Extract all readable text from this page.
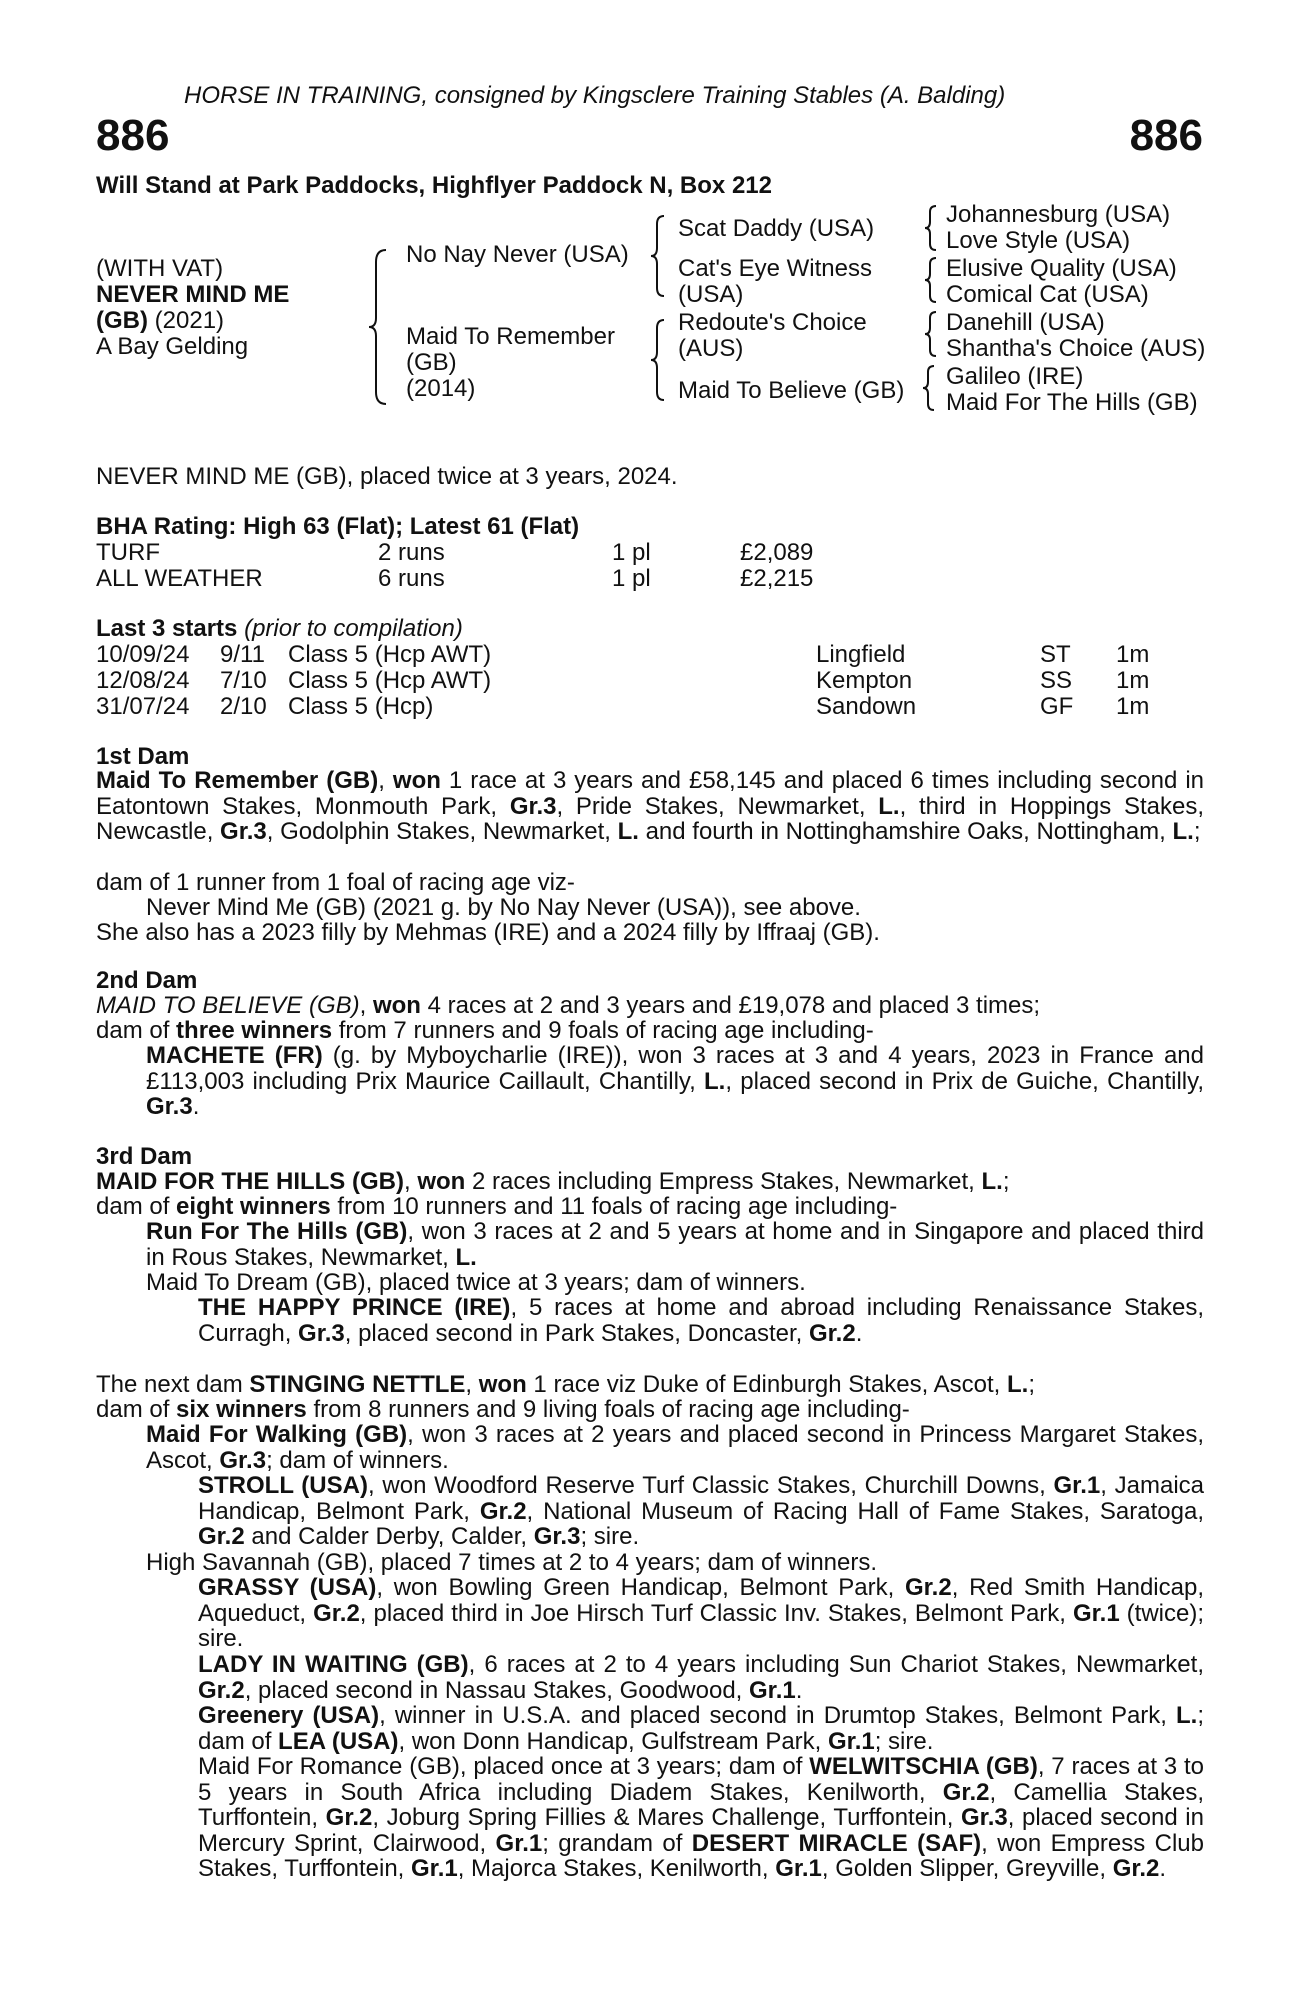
HORSE IN TRAINING, consigned by Kingsclere Training Stables (A. Balding)
886	886
Will Stand at Park Paddocks, Highflyer Paddock N, Box 212
(WITH VAT)
NEVER MIND ME
(GB) (2021)
A Bay Gelding
No Nay Never (USA)
Maid To Remember
(GB)
(2014)
Scat Daddy (USA)
Cat's Eye Witness
(USA)
Redoute's Choice
(AUS)
Maid To Believe (GB)
Johannesburg (USA)
Love Style (USA)
Elusive Quality (USA)
Comical Cat (USA)
Danehill (USA)
Shantha's Choice (AUS)
Galileo (IRE)
Maid For The Hills (GB)
NEVER MIND ME (GB), placed twice at 3 years, 2024.
BHA Rating: High 63 (Flat); Latest 61 (Flat)
TURF	2 runs	1 pl	£2,089
ALL WEATHER	6 runs	1 pl	£2,215
Last 3 starts (prior to compilation)
10/09/24 9/11 Class 5 (Hcp AWT)	Lingfield	ST 1m
12/08/24 7/10 Class 5 (Hcp AWT)	Kempton	SS 1m
31/07/24 2/10 Class 5 (Hcp)	Sandown	GF 1m
1st Dam
Maid To Remember (GB), won 1 race at 3 years and £58,145 and placed 6 times including second in Eatontown Stakes, Monmouth Park, Gr.3, Pride Stakes, Newmarket, L., third in Hoppings Stakes, Newcastle, Gr.3, Godolphin Stakes, Newmarket, L. and fourth in Nottinghamshire Oaks, Nottingham, L.;
dam of 1 runner from 1 foal of racing age viz-
Never Mind Me (GB) (2021 g. by No Nay Never (USA)), see above.
She also has a 2023 filly by Mehmas (IRE) and a 2024 filly by Iffraaj (GB).
2nd Dam
MAID TO BELIEVE (GB), won 4 races at 2 and 3 years and £19,078 and placed 3 times;
dam of three winners from 7 runners and 9 foals of racing age including-
MACHETE (FR) (g. by Myboycharlie (IRE)), won 3 races at 3 and 4 years, 2023 in France and £113,003 including Prix Maurice Caillault, Chantilly, L., placed second in Prix de Guiche, Chantilly, Gr.3.
3rd Dam
MAID FOR THE HILLS (GB), won 2 races including Empress Stakes, Newmarket, L.;
dam of eight winners from 10 runners and 11 foals of racing age including-
Run For The Hills (GB), won 3 races at 2 and 5 years at home and in Singapore and placed third in Rous Stakes, Newmarket, L.
Maid To Dream (GB), placed twice at 3 years; dam of winners.
THE HAPPY PRINCE (IRE), 5 races at home and abroad including Renaissance Stakes, Curragh, Gr.3, placed second in Park Stakes, Doncaster, Gr.2.
The next dam STINGING NETTLE, won 1 race viz Duke of Edinburgh Stakes, Ascot, L.;
dam of six winners from 8 runners and 9 living foals of racing age including-
Maid For Walking (GB), won 3 races at 2 years and placed second in Princess Margaret Stakes, Ascot, Gr.3; dam of winners.
STROLL (USA), won Woodford Reserve Turf Classic Stakes, Churchill Downs, Gr.1, Jamaica Handicap, Belmont Park, Gr.2, National Museum of Racing Hall of Fame Stakes, Saratoga, Gr.2 and Calder Derby, Calder, Gr.3; sire.
High Savannah (GB), placed 7 times at 2 to 4 years; dam of winners.
GRASSY (USA), won Bowling Green Handicap, Belmont Park, Gr.2, Red Smith Handicap, Aqueduct, Gr.2, placed third in Joe Hirsch Turf Classic Inv. Stakes, Belmont Park, Gr.1 (twice); sire.
LADY IN WAITING (GB), 6 races at 2 to 4 years including Sun Chariot Stakes, Newmarket, Gr.2, placed second in Nassau Stakes, Goodwood, Gr.1.
Greenery (USA), winner in U.S.A. and placed second in Drumtop Stakes, Belmont Park, L.; dam of LEA (USA), won Donn Handicap, Gulfstream Park, Gr.1; sire.
Maid For Romance (GB), placed once at 3 years; dam of WELWITSCHIA (GB), 7 races at 3 to 5 years in South Africa including Diadem Stakes, Kenilworth, Gr.2, Camellia Stakes, Turffontein, Gr.2, Joburg Spring Fillies & Mares Challenge, Turffontein, Gr.3, placed second in Mercury Sprint, Clairwood, Gr.1; grandam of DESERT MIRACLE (SAF), won Empress Club Stakes, Turffontein, Gr.1, Majorca Stakes, Kenilworth, Gr.1, Golden Slipper, Greyville, Gr.2.
